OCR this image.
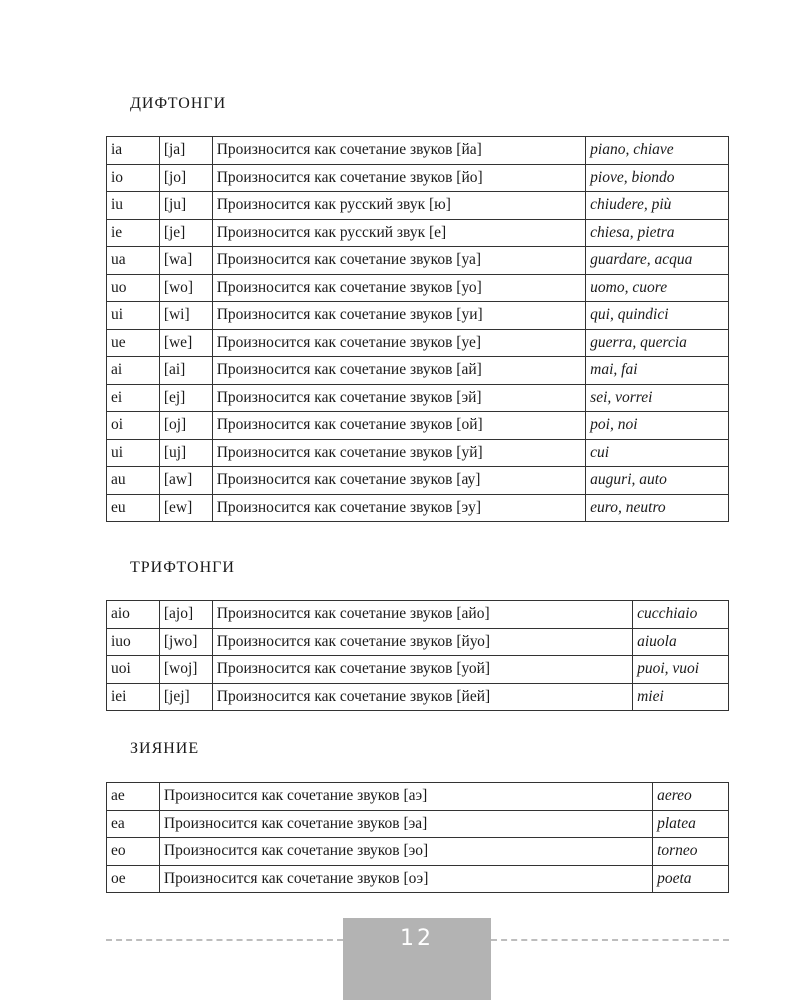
ДИФТОНГИ
ia	[ja]	Произносится как сочетание звуков [йа]	piano, chiave
io	[jo]	Произносится как сочетание звуков [йо]	piove, biondo
iu	[ju]	Произносится как русский звук [ю]	chiudere, più
ie	[je]	Произносится как русский звук [е]	chiesa, pietra
ua	[wa]	Произносится как сочетание звуков [уа]	guardare, acqua
uo	[wo]	Произносится как сочетание звуков [уо]	uomo, cuore
ui	[wi]	Произносится как сочетание звуков [уи]	qui, quindici
ue	[we]	Произносится как сочетание звуков [уе]	guerra, quercia
ai	[ai]	Произносится как сочетание звуков [ай]	mai, fai
ei	[ej]	Произносится как сочетание звуков [эй]	sei, vorrei
oi	[oj]	Произносится как сочетание звуков [ой]	poi, noi
ui	[uj]	Произносится как сочетание звуков [уй]	cui
au	[aw]	Произносится как сочетание звуков [ау]	auguri, auto
eu	[ew]	Произносится как сочетание звуков [эу]	euro, neutro
ТРИФТОНГИ
aio	[ajo]	Произносится как сочетание звуков [айо]	cucchiaio
iuo	[jwo]	Произносится как сочетание звуков [йуо]	aiuola
uoi	[woj]	Произносится как сочетание звуков [уой]	puoi, vuoi
iei	[jej]	Произносится как сочетание звуков [йей]	miei
ЗИЯНИЕ
ae	Произносится как сочетание звуков [аэ]	aereo
ea	Произносится как сочетание звуков [эа]	platea
eo	Произносится как сочетание звуков [эо]	torneo
oe	Произносится как сочетание звуков [оэ]	poeta
12
